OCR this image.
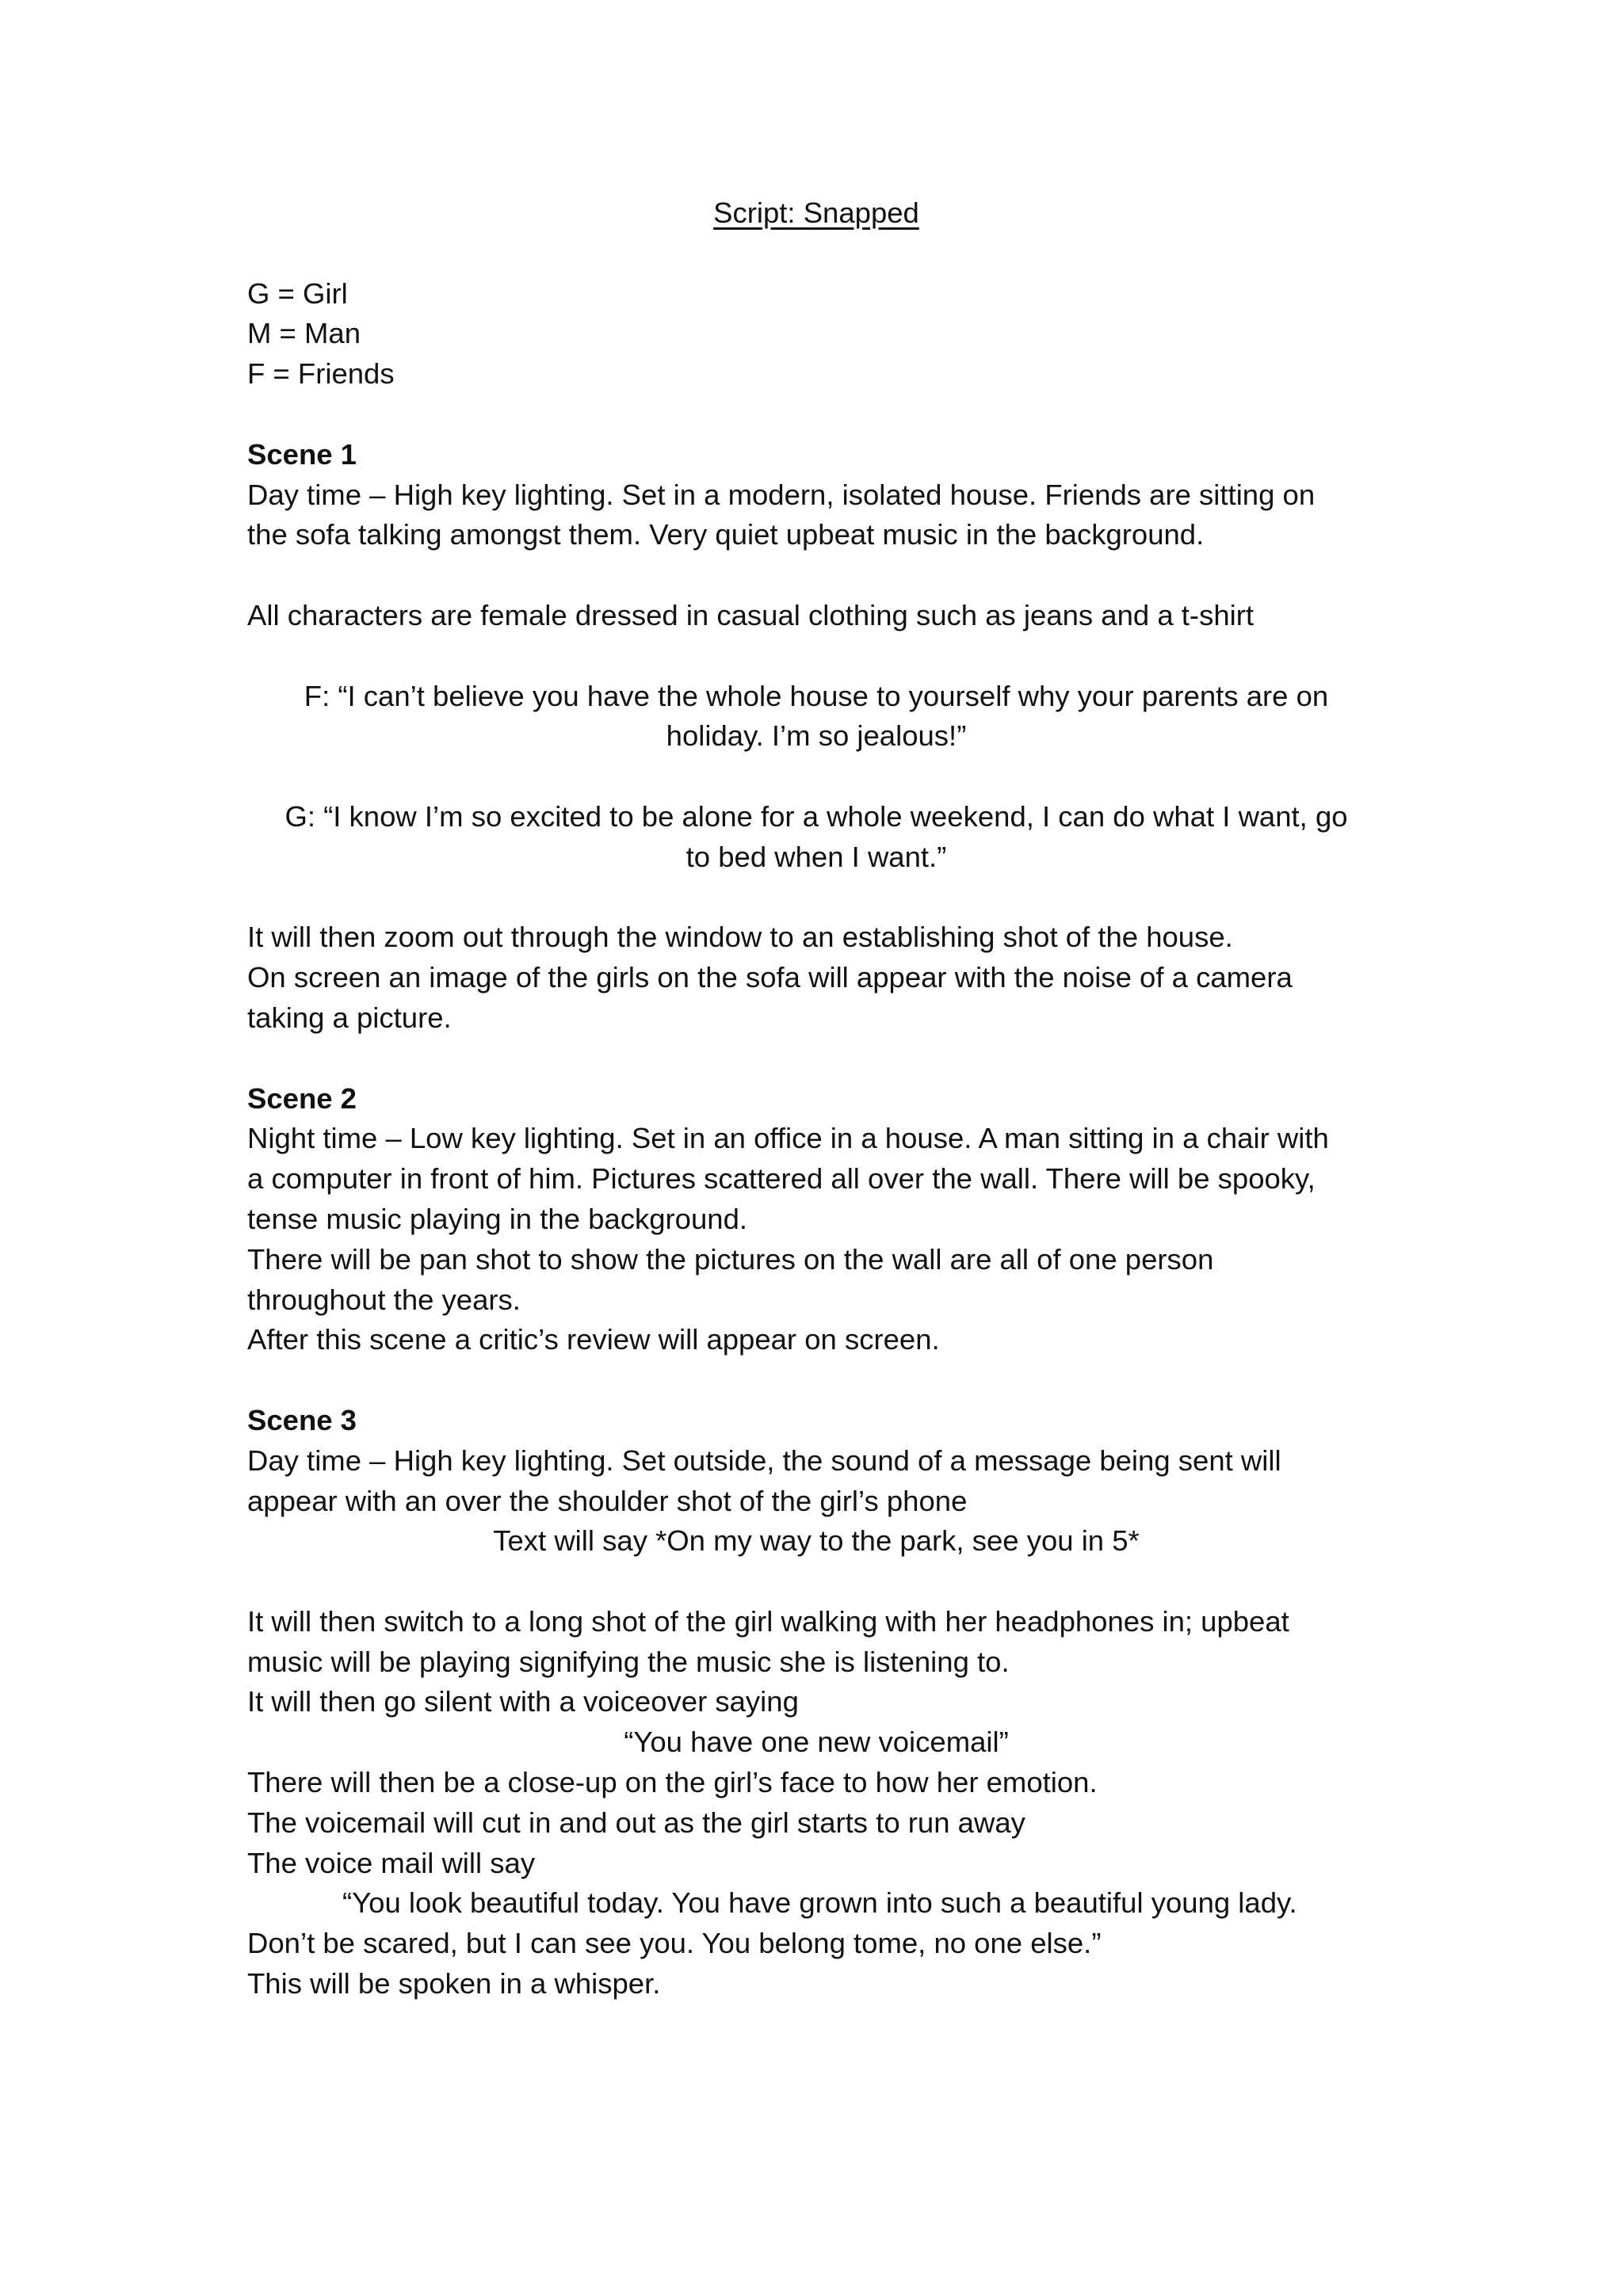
Script: Snapped
G = Girl
M = Man
F = Friends
Scene 1
Day time – High key lighting. Set in a modern, isolated house. Friends are sitting on
the sofa talking amongst them. Very quiet upbeat music in the background.
All characters are female dressed in casual clothing such as jeans and a t-shirt
F: “I can’t believe you have the whole house to yourself why your parents are on
holiday. I’m so jealous!”
G: “I know I’m so excited to be alone for a whole weekend, I can do what I want, go
to bed when I want.”
It will then zoom out through the window to an establishing shot of the house.
On screen an image of the girls on the sofa will appear with the noise of a camera
taking a picture.
Scene 2
Night time – Low key lighting. Set in an office in a house. A man sitting in a chair with
a computer in front of him. Pictures scattered all over the wall. There will be spooky,
tense music playing in the background.
There will be pan shot to show the pictures on the wall are all of one person
throughout the years.
After this scene a critic’s review will appear on screen.
Scene 3
Day time – High key lighting. Set outside, the sound of a message being sent will
appear with an over the shoulder shot of the girl’s phone
Text will say *On my way to the park, see you in 5*
It will then switch to a long shot of the girl walking with her headphones in; upbeat
music will be playing signifying the music she is listening to.
It will then go silent with a voiceover saying
“You have one new voicemail”
There will then be a close-up on the girl’s face to how her emotion.
The voicemail will cut in and out as the girl starts to run away
The voice mail will say
“You look beautiful today. You have grown into such a beautiful young lady.
Don’t be scared, but I can see you. You belong tome, no one else.”
This will be spoken in a whisper.
